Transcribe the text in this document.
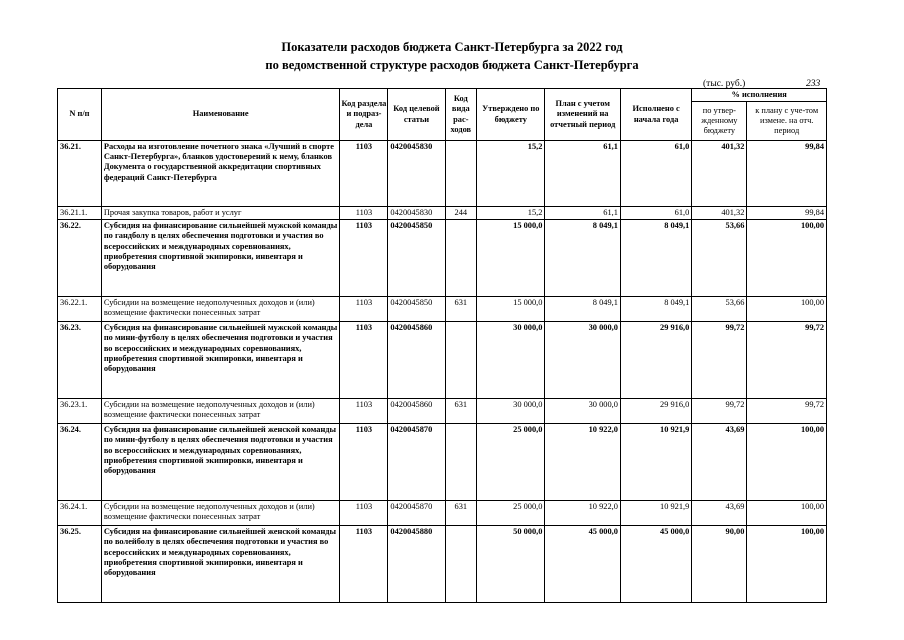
Показатели расходов бюджета Санкт-Петербурга за 2022 год
по ведомственной структуре расходов бюджета Санкт-Петербурга
(тыс. руб.)	233
N п/п	Наименование	Код раздела и подраз-дела	Код целевой статьи	Код вида рас-ходов	Утверждено по бюджету	План с учетом изменений на отчетный период	Исполнено с начала года	% исполнения	
								по утвер-жденному бюджету	к плану с уче-том измене. на отч. период
36.21.	Расходы на изготовление почетного знака «Лучший в спорте Санкт-Петербурга», бланков удостоверений к нему, бланков Документа о государственной аккредитации спортивных федераций Санкт-Петербурга	1103	0420045830		15,2	61,1	61,0	401,32	99,84
36.21.1.	Прочая закупка товаров, работ и услуг	1103	0420045830	244	15,2	61,1	61,0	401,32	99,84
36.22.	Субсидия на финансирование сильнейшей мужской команды по гандболу в целях обеспечения подготовки и участия во всероссийских и международных соревнованиях, приобретения спортивной экипировки, инвентаря и оборудования	1103	0420045850		15 000,0	8 049,1	8 049,1	53,66	100,00
36.22.1.	Субсидии на возмещение недополученных доходов и (или) возмещение фактически понесенных затрат	1103	0420045850	631	15 000,0	8 049,1	8 049,1	53,66	100,00
36.23.	Субсидия на финансирование сильнейшей мужской команды по мини-футболу в целях обеспечения подготовки и участия во всероссийских и международных соревнованиях, приобретения спортивной экипировки, инвентаря и оборудования	1103	0420045860		30 000,0	30 000,0	29 916,0	99,72	99,72
36.23.1.	Субсидии на возмещение недополученных доходов и (или) возмещение фактически понесенных затрат	1103	0420045860	631	30 000,0	30 000,0	29 916,0	99,72	99,72
36.24.	Субсидия на финансирование сильнейшей женской команды по мини-футболу в целях обеспечения подготовки и участия во всероссийских и международных соревнованиях, приобретения спортивной экипировки, инвентаря и оборудования	1103	0420045870		25 000,0	10 922,0	10 921,9	43,69	100,00
36.24.1.	Субсидии на возмещение недополученных доходов и (или) возмещение фактически понесенных затрат	1103	0420045870	631	25 000,0	10 922,0	10 921,9	43,69	100,00
36.25.	Субсидия на финансирование сильнейшей женской команды по волейболу в целях обеспечения подготовки и участия во всероссийских и международных соревнованиях, приобретения спортивной экипировки, инвентаря и оборудования	1103	0420045880		50 000,0	45 000,0	45 000,0	90,00	100,00
